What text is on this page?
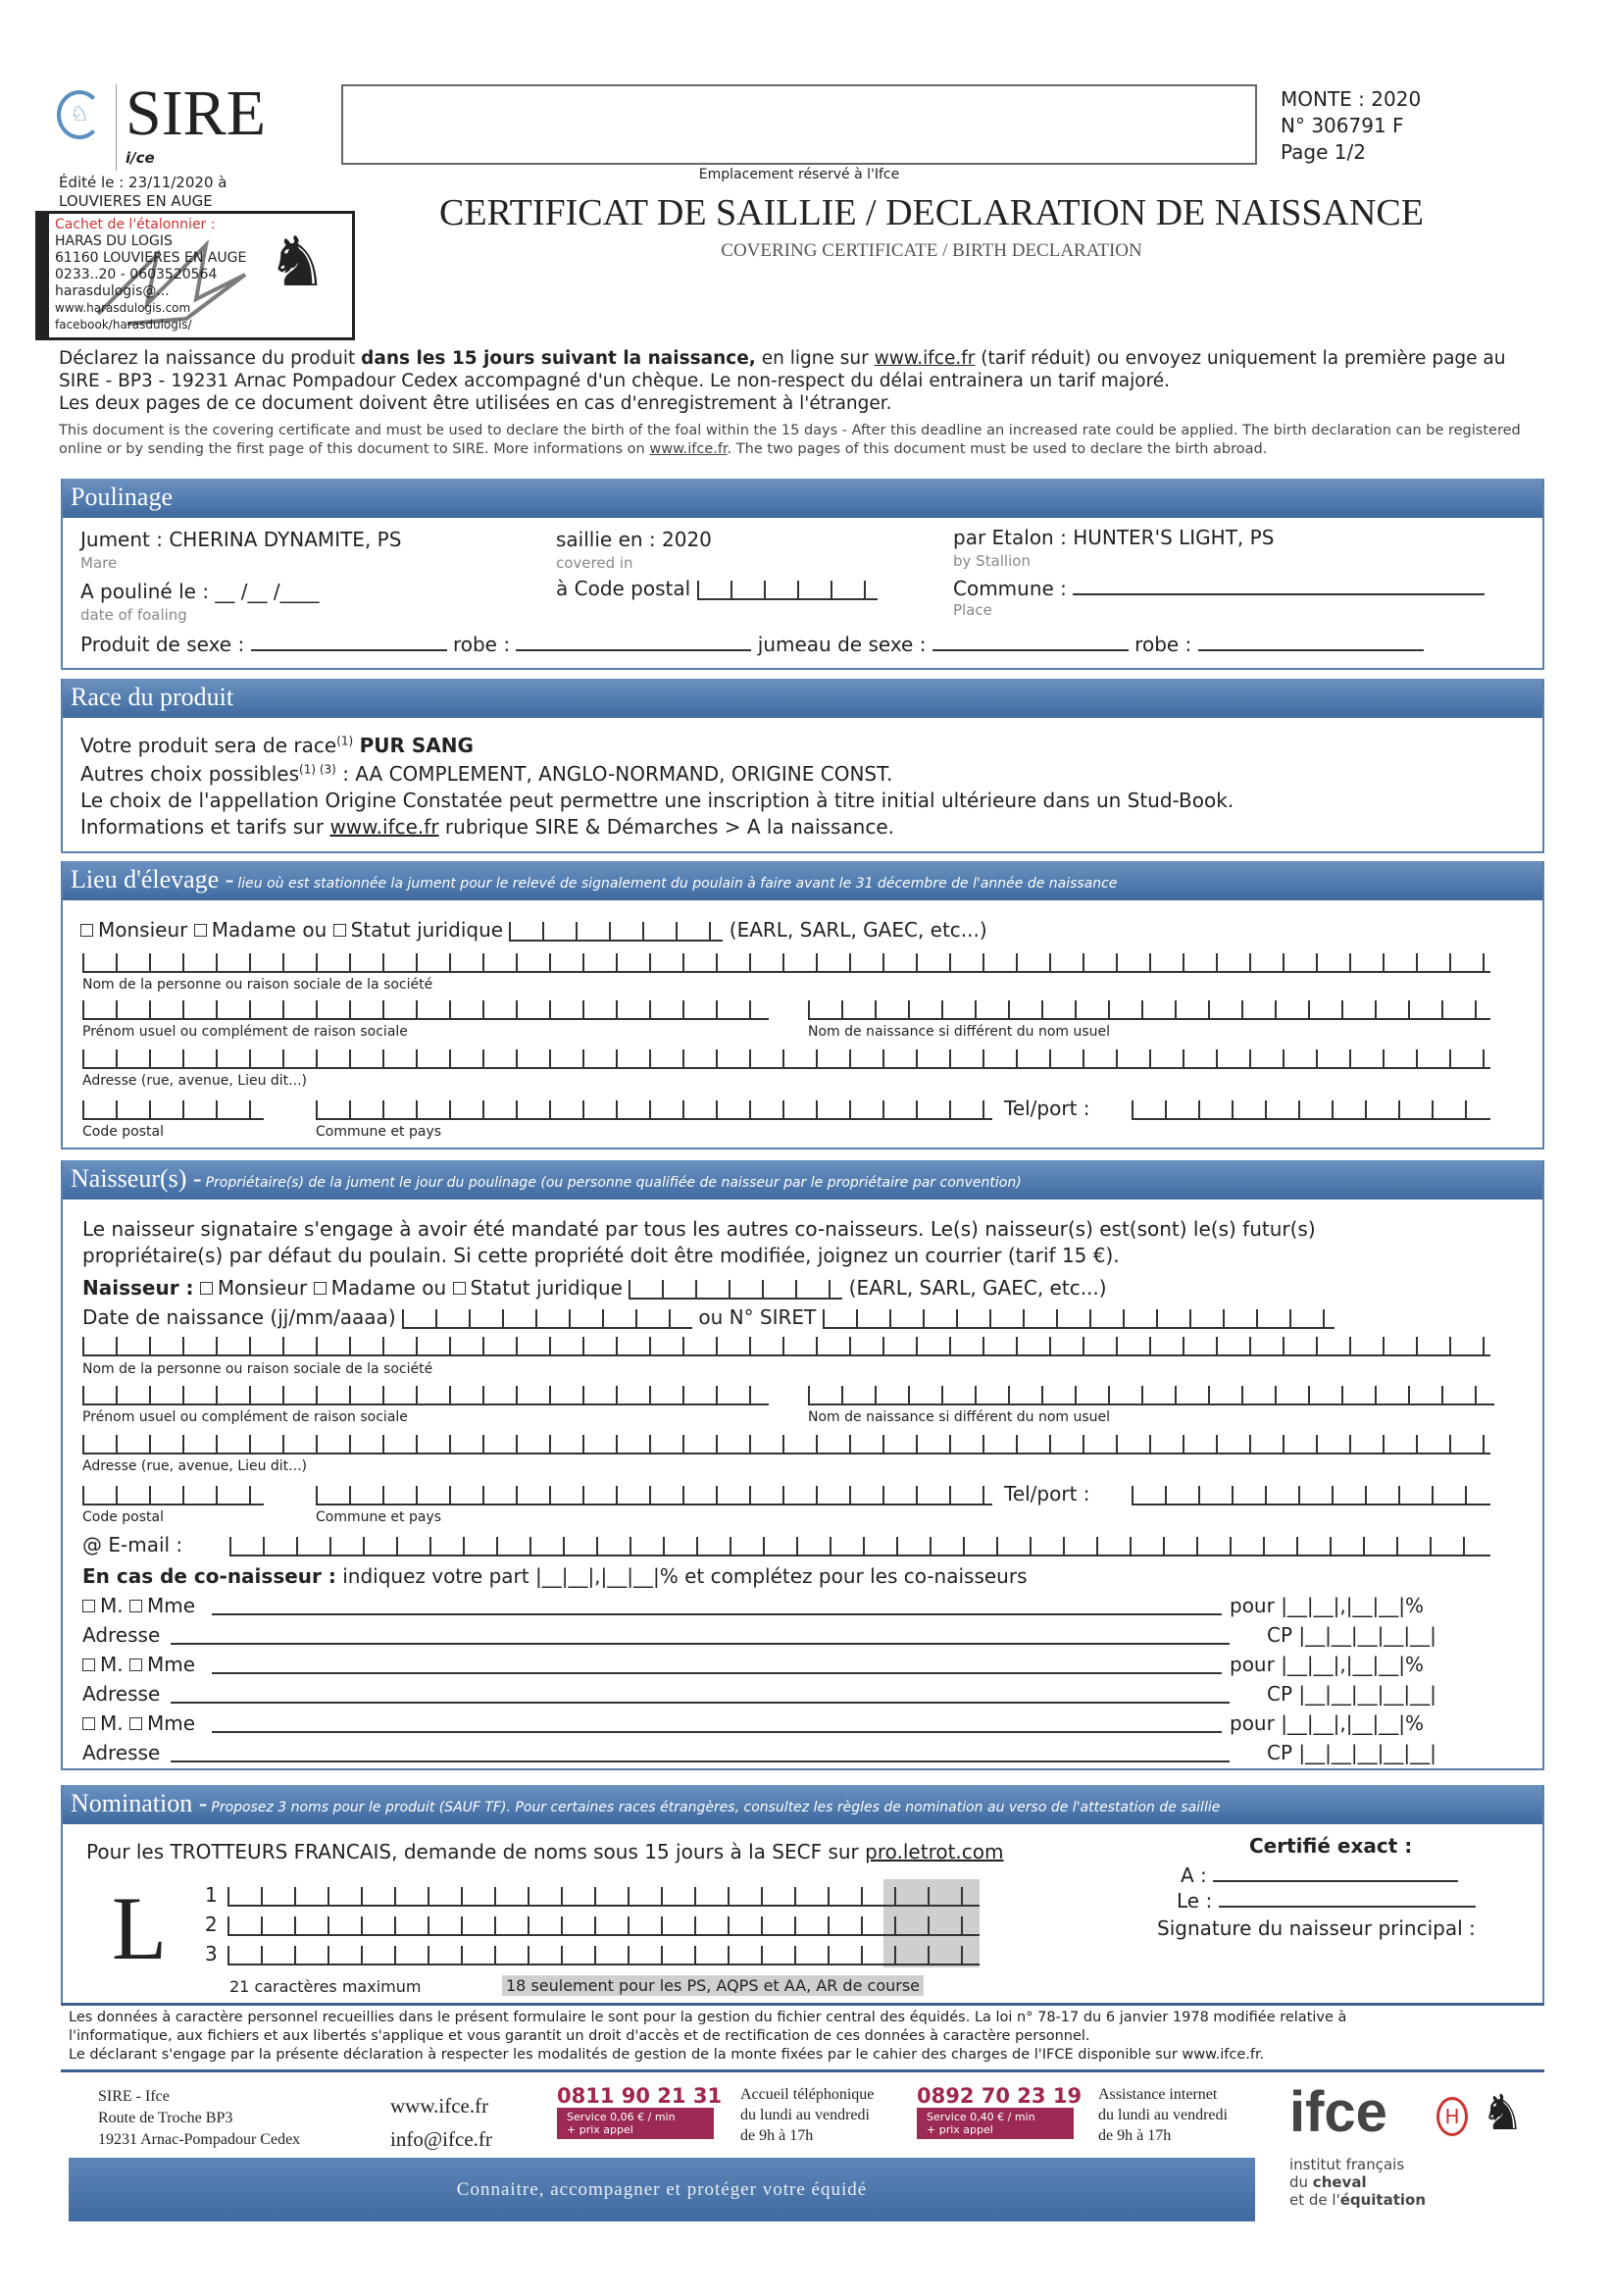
♘ SIRE
i/ce
Emplacement réservé à l'Ifce
MONTE : 2020
N° 306791 F
Page 1/2
Édité le : 23/11/2020 à
LOUVIERES EN AUGE	CERTIFICAT DE SAILLIE / DECLARATION DE NAISSANCE
COVERING CERTIFICATE / BIRTH DECLARATION
Cachet de l'étalonnier :
HARAS DU LOGIS
61160 LOUVIERES EN AUGE
0233..20 - 0603520564
harasdulogis@...
www.harasdulogis.com
facebook/harasdulogis/
♞
Déclarez la naissance du produit dans les 15 jours suivant la naissance, en ligne sur www.ifce.fr (tarif réduit) ou envoyez uniquement la première page au
SIRE - BP3 - 19231 Arnac Pompadour Cedex accompagné d'un chèque. Le non-respect du délai entrainera un tarif majoré.
Les deux pages de ce document doivent être utilisées en cas d'enregistrement à l'étranger.
This document is the covering certificate and must be used to declare the birth of the foal within the 15 days - After this deadline an increased rate could be applied. The birth declaration can be registered online or by sending the first page of this document to SIRE. More informations on www.ifce.fr. The two pages of this document must be used to declare the birth abroad.
Poulinage
Jument : CHERINA DYNAMITE, PS
Mare
saillie en : 2020
covered in
par Etalon : HUNTER'S LIGHT, PS
by Stallion
A pouliné le : __ /__ /____
date of foaling
à Code postal	Commune :
Place
Produit de sexe :	robe :	jumeau de sexe :	robe :
Race du produit
Votre produit sera de race$^{(1)}$ PUR SANG
Autres choix possibles$^{(1) (3)}$ : AA COMPLEMENT, ANGLO-NORMAND, ORIGINE CONST.
Le choix de l'appellation Origine Constatée peut permettre une inscription à titre initial ultérieure dans un Stud-Book.
Informations et tarifs sur www.ifce.fr rubrique SIRE & Démarches > A la naissance.
Lieu d'élevage - lieu où est stationnée la jument pour le relevé de signalement du poulain à faire avant le 31 décembre de l'année de naissance
Monsieur Madame ou Statut juridique	(EARL, SARL, GAEC, etc...)
Nom de la personne ou raison sociale de la société
Prénom usuel ou complément de raison sociale	Nom de naissance si différent du nom usuel
Adresse (rue, avenue, Lieu dit...)
Tel/port :
Code postal	Commune et pays
Naisseur(s) - Propriétaire(s) de la jument le jour du poulinage (ou personne qualifiée de naisseur par le propriétaire par convention)
Le naisseur signataire s'engage à avoir été mandaté par tous les autres co-naisseurs. Le(s) naisseur(s) est(sont) le(s) futur(s)
propriétaire(s) par défaut du poulain. Si cette propriété doit être modifiée, joignez un courrier (tarif 15 €).
Naisseur : Monsieur Madame ou Statut juridique	(EARL, SARL, GAEC, etc...)
Date de naissance (jj/mm/aaaa)	ou N° SIRET
Nom de la personne ou raison sociale de la société
Prénom usuel ou complément de raison sociale	Nom de naissance si différent du nom usuel
Adresse (rue, avenue, Lieu dit...)
Tel/port :
Code postal	Commune et pays
@ E-mail :
En cas de co-naisseur : indiquez votre part |__|__|,|__|__|% et complétez pour les co-naisseurs
M. Mme	pour |__|__|,|__|__|%
Adresse	CP |__|__|__|__|__|
M. Mme	pour |__|__|,|__|__|%
Adresse	CP |__|__|__|__|__|
M. Mme	pour |__|__|,|__|__|%
Adresse	CP |__|__|__|__|__|
Nomination - Proposez 3 noms pour le produit (SAUF TF). Pour certaines races étrangères, consultez les règles de nomination au verso de l'attestation de saillie
Pour les TROTTEURS FRANCAIS, demande de noms sous 15 jours à la SECF sur pro.letrot.com
L 1
2
3
21 caractères maximum	18 seulement pour les PS, AQPS et AA, AR de course
Certifié exact :
A :
Le :
Signature du naisseur principal :
Les données à caractère personnel recueillies dans le présent formulaire le sont pour la gestion du fichier central des équidés. La loi n° 78-17 du 6 janvier 1978 modifiée relative à
l'informatique, aux fichiers et aux libertés s'applique et vous garantit un droit d'accès et de rectification de ces données à caractère personnel.
Le déclarant s'engage par la présente déclaration à respecter les modalités de gestion de la monte fixées par le cahier des charges de l'IFCE disponible sur www.ifce.fr.
SIRE - Ifce
Route de Troche BP3
19231 Arnac-Pompadour Cedex
www.ifce.fr
info@ifce.fr
0811 90 21 31
Service 0,06 € / min
+ prix appel
Accueil téléphonique
du lundi au vendredi
de 9h à 17h
0892 70 23 19
Service 0,40 € / min
+ prix appel
Assistance internet
du lundi au vendredi
de 9h à 17h
Connaitre, accompagner et protéger votre équidé
ifce	H ♞
institut français
du cheval
et de l'équitation
